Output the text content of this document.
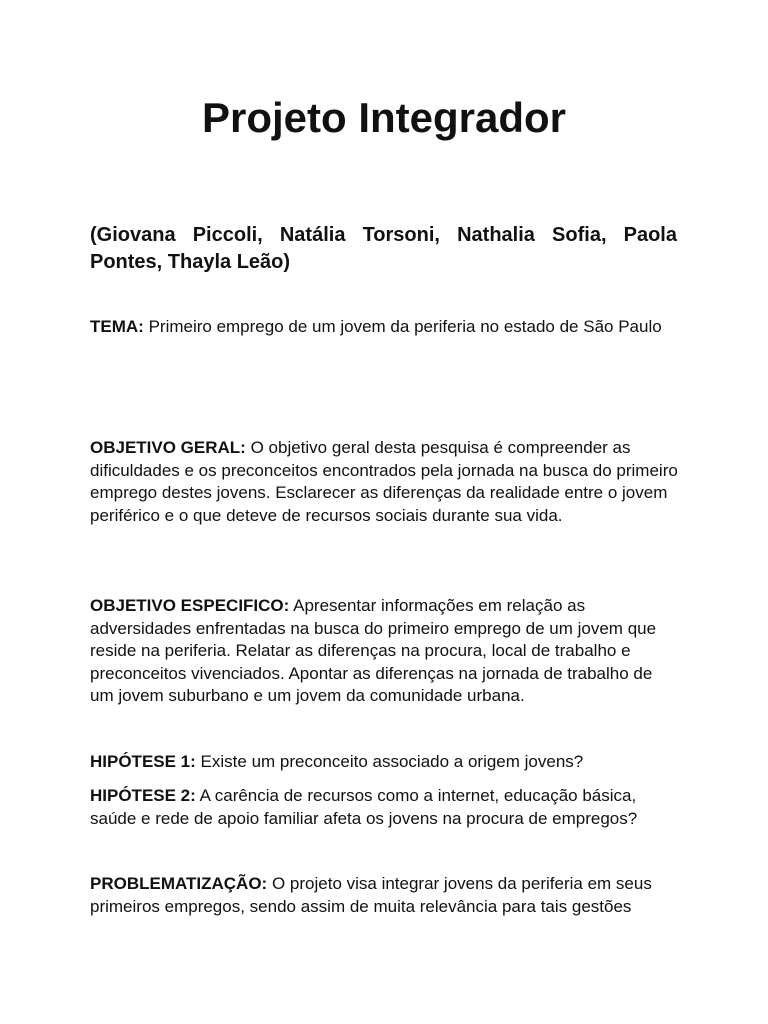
Projeto Integrador

(Giovana Piccoli, Natália Torsoni, Nathalia Sofia, Paola Pontes, Thayla Leão)

TEMA: Primeiro emprego de um jovem da periferia no estado de São Paulo

OBJETIVO GERAL: O objetivo geral desta pesquisa é compreender as dificuldades e os preconceitos encontrados pela jornada na busca do primeiro emprego destes jovens. Esclarecer as diferenças da realidade entre o jovem periférico e o que deteve de recursos sociais durante sua vida.

OBJETIVO ESPECIFICO: Apresentar informações em relação as adversidades enfrentadas na busca do primeiro emprego de um jovem que reside na periferia. Relatar as diferenças na procura, local de trabalho e preconceitos vivenciados. Apontar as diferenças na jornada de trabalho de um jovem suburbano e um jovem da comunidade urbana.

HIPÓTESE 1: Existe um preconceito associado a origem jovens?

HIPÓTESE 2: A carência de recursos como a internet, educação básica, saúde e rede de apoio familiar afeta os jovens na procura de empregos?

PROBLEMATIZAÇÃO: O projeto visa integrar jovens da periferia em seus primeiros empregos, sendo assim de muita relevância para tais gestões
